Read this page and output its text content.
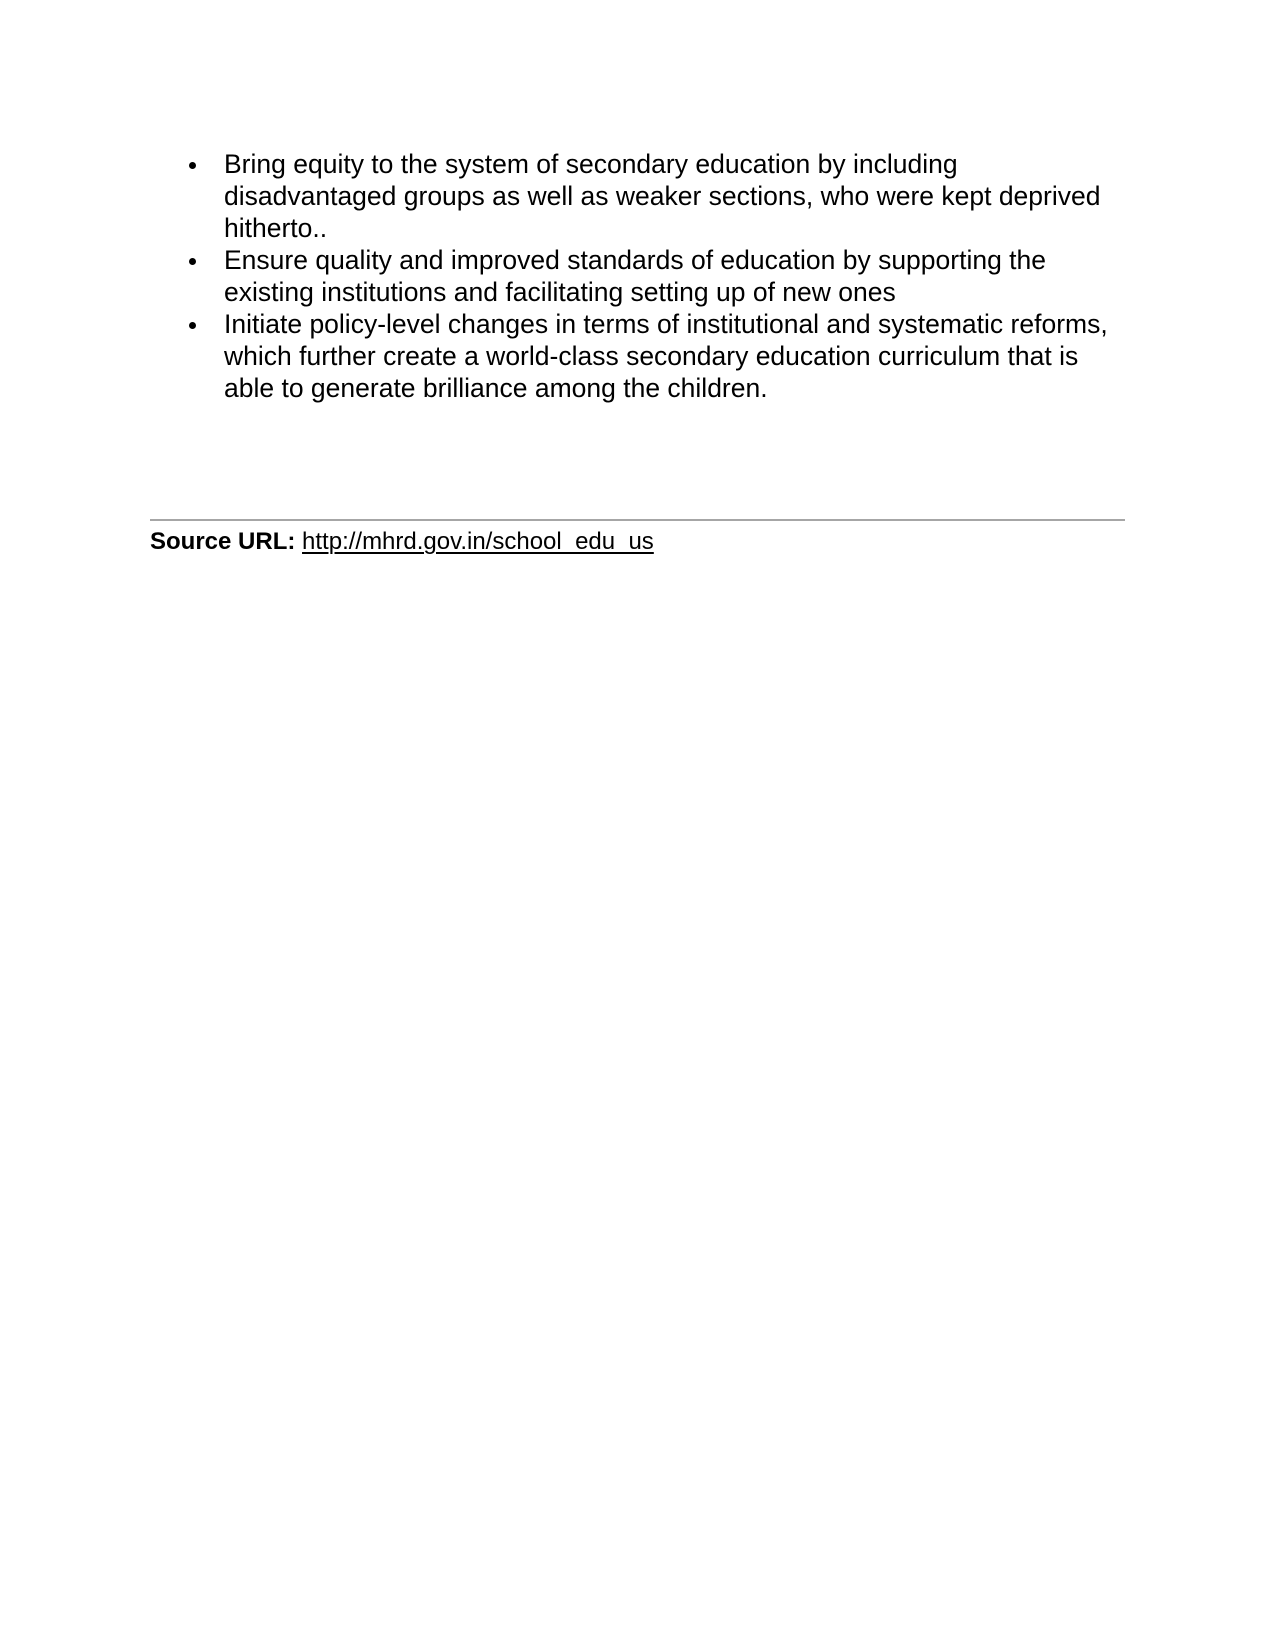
Bring equity to the system of secondary education by including disadvantaged groups as well as weaker sections, who were kept deprived hitherto..
Ensure quality and improved standards of education by supporting the existing institutions and facilitating setting up of new ones
Initiate policy-level changes in terms of institutional and systematic reforms, which further create a world-class secondary education curriculum that is able to generate brilliance among the children.
Source URL: http://mhrd.gov.in/school_edu_us
